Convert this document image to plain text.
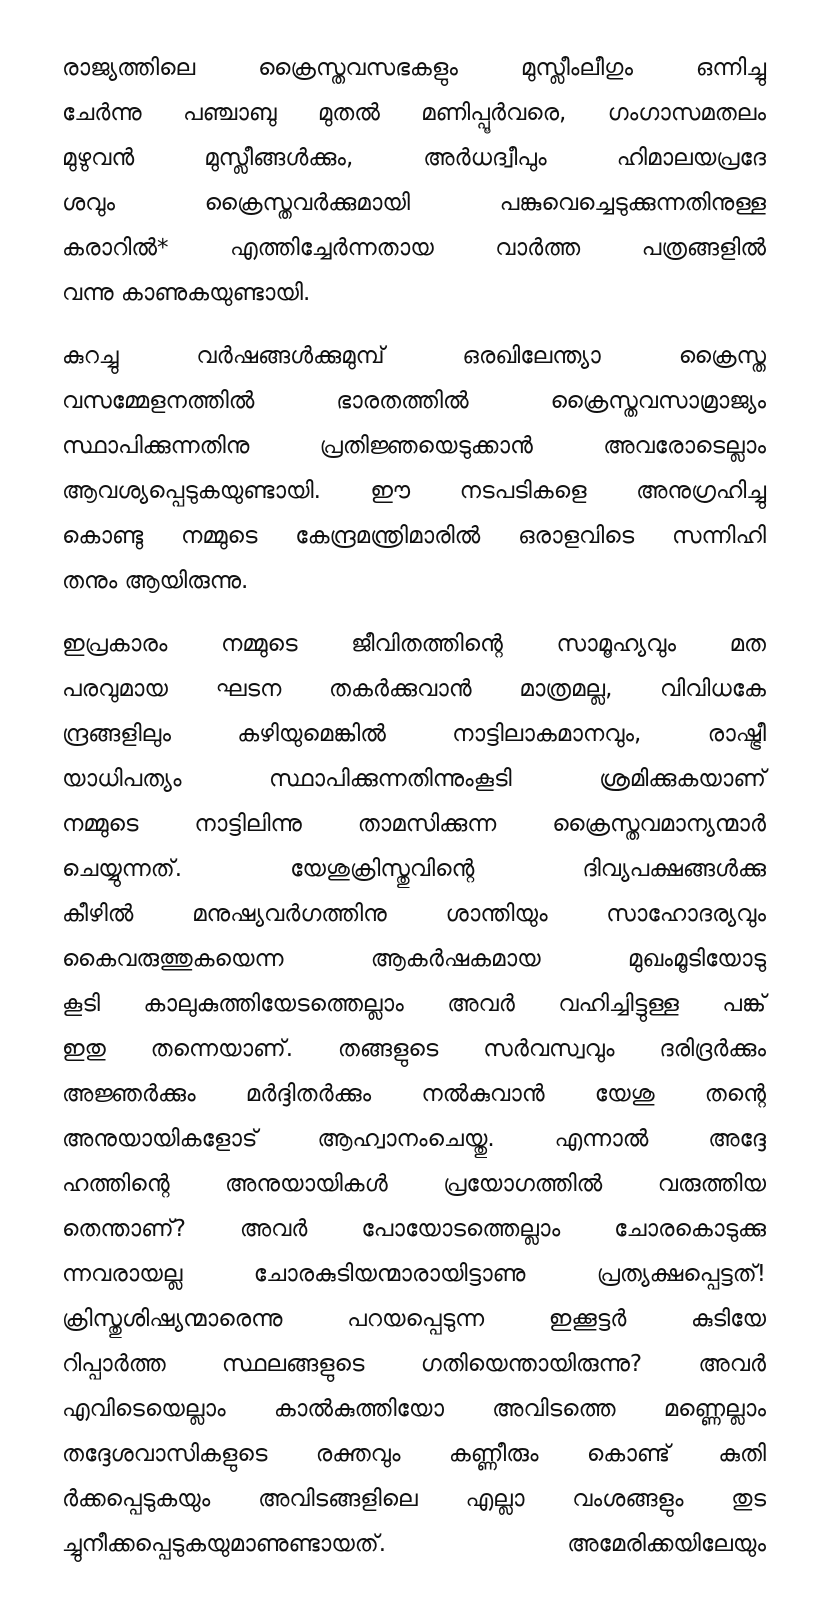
രാജ്യത്തിലെ ക്രൈസ്തവസഭകളും മുസ്ലീംലീഗും ഒന്നിച്ചു
ചേർന്നു പഞ്ചാബു മുതൽ മണിപ്പൂർവരെ, ഗംഗാസമതലം
മുഴുവൻ മുസ്ലീങ്ങൾക്കും, അർധദ്വീപും ഹിമാലയപ്രദേ
ശവും ക്രൈസ്തവർക്കുമായി പങ്കുവെച്ചെടുക്കുന്നതിനുള്ള
കരാറിൽ* എത്തിച്ചേർന്നതായ വാർത്ത പത്രങ്ങളിൽ
വന്നു കാണുകയുണ്ടായി.
കുറച്ചു വർഷങ്ങൾക്കുമുമ്പ് ഒരഖിലേന്ത്യാ ക്രൈസ്ത
വസമ്മേളനത്തിൽ ഭാരതത്തിൽ ക്രൈസ്തവസാമ്രാജ്യം
സ്ഥാപിക്കുന്നതിനു പ്രതിജ്ഞയെടുക്കാൻ അവരോടെല്ലാം
ആവശ്യപ്പെടുകയുണ്ടായി. ഈ നടപടികളെ അനുഗ്രഹിച്ചു
കൊണ്ടു നമ്മുടെ കേന്ദ്രമന്ത്രിമാരിൽ ഒരാളവിടെ സന്നിഹി
തനും ആയിരുന്നു.
ഇപ്രകാരം നമ്മുടെ ജീവിതത്തിന്റെ സാമൂഹ്യവും മത
പരവുമായ ഘടന തകർക്കുവാൻ മാത്രമല്ല, വിവിധകേ
ന്ദ്രങ്ങളിലും കഴിയുമെങ്കിൽ നാട്ടിലാകമാനവും, രാഷ്ട്രീ
യാധിപത്യം സ്ഥാപിക്കുന്നതിന്നുംകൂടി ശ്രമിക്കുകയാണ്
നമ്മുടെ നാട്ടിലിന്നു താമസിക്കുന്ന ക്രൈസ്തവമാന്യന്മാർ
ചെയ്യുന്നത്. യേശുക്രിസ്തുവിന്റെ ദിവ്യപക്ഷങ്ങൾക്കു
കീഴിൽ മനുഷ്യവർഗത്തിനു ശാന്തിയും സാഹോദര്യവും
കൈവരുത്തുകയെന്ന ആകർഷകമായ മുഖംമൂടിയോടു
കൂടി കാലുകുത്തിയേടത്തെല്ലാം അവർ വഹിച്ചിട്ടുള്ള പങ്ക്
ഇതു തന്നെയാണ്. തങ്ങളുടെ സർവസ്വവും ദരിദ്രർക്കും
അജ്ഞർക്കും മർദ്ദിതർക്കും നൽകുവാൻ യേശു തന്റെ
അനുയായികളോട് ആഹ്വാനംചെയ്തു. എന്നാൽ അദ്ദേ
ഹത്തിന്റെ അനുയായികൾ പ്രയോഗത്തിൽ വരുത്തിയ
തെന്താണ്? അവർ പോയോടത്തെല്ലാം ചോരകൊടുക്കു
ന്നവരായല്ല ചോരകുടിയന്മാരായിട്ടാണു പ്രത്യക്ഷപ്പെട്ടത്!
ക്രിസ്തുശിഷ്യന്മാരെന്നു പറയപ്പെടുന്ന ഇക്കൂട്ടർ കുടിയേ
റിപ്പാർത്ത സ്ഥലങ്ങളുടെ ഗതിയെന്തായിരുന്നു? അവർ
എവിടെയെല്ലാം കാൽകുത്തിയോ അവിടത്തെ മണ്ണെല്ലാം
തദ്ദേശവാസികളുടെ രക്തവും കണ്ണീരും കൊണ്ട് കുതി
ർക്കപ്പെടുകയും അവിടങ്ങളിലെ എല്ലാ വംശങ്ങളും തുട
ച്ചുനീക്കപ്പെടുകയുമാണുണ്ടായത്. അമേരിക്കയിലേയും
